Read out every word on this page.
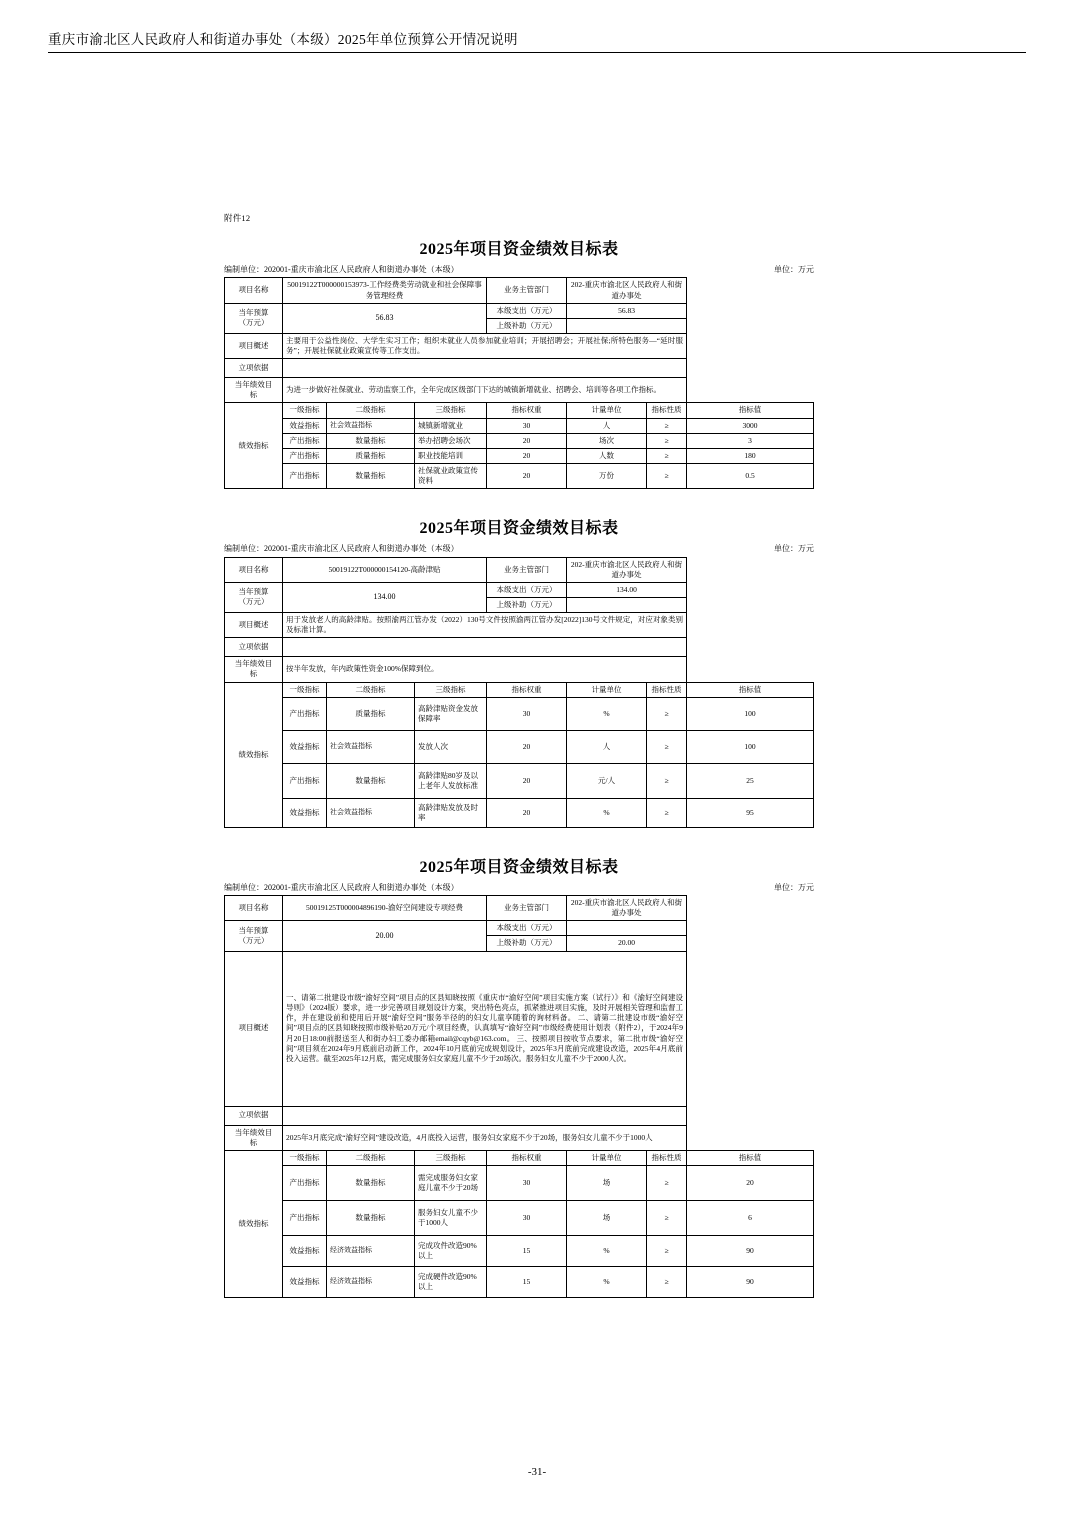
重庆市渝北区人民政府人和街道办事处（本级）2025年单位预算公开情况说明
附件12
2025年项目资金绩效目标表
编制单位：202001-重庆市渝北区人民政府人和街道办事处（本级）	单位：万元
项目名称	50019122T000000153973-工作经费类劳动就业和社会保障事务管理经费			业务主管部门	202-重庆市渝北区人民政府人和街道办事处		

当年预算
（万元）	56.83			本级支出（万元）	56.83		
				上级补助（万元）			
项目概述	主要用于公益性岗位、大学生实习工作；组织未就业人员参加就业培训；开展招聘会；开展社保;所特色服务—“延时服务”；开展社保就业政策宣传等工作支出。						
立项依据							

当年绩效目
标	为进一步做好社保就业、劳动监察工作，全年完成区级部门下达的城镇新增就业、招聘会、培训等各项工作指标。						
绩效指标	一级指标	二级指标	三级指标	指标权重	计量单位	指标性质	指标值
	效益指标	社会效益指标	城镇新增就业	30	人	≥	3000
	产出指标	数量指标	举办招聘会场次	20	场次	≥	3
	产出指标	质量指标	职业技能培训	20	人数	≥	180
	产出指标	数量指标	社保就业政策宣传资料	20	万份	≥	0.5
2025年项目资金绩效目标表
编制单位：202001-重庆市渝北区人民政府人和街道办事处（本级）	单位：万元
项目名称	50019122T000000154120-高龄津贴			业务主管部门	202-重庆市渝北区人民政府人和街道办事处		

当年预算
（万元）	134.00			本级支出（万元）	134.00		
				上级补助（万元）			
项目概述	用于发放老人的高龄津贴。按照渝两江管办发（2022）130号文件按照渝两江管办发[2022]130号文件规定，对应对象类别及标准计算。						
立项依据							

当年绩效目
标	按半年发放，年内政策性资金100%保障到位。						
绩效指标	一级指标	二级指标	三级指标	指标权重	计量单位	指标性质	指标值
	产出指标	质量指标	高龄津贴资金发放保障率	30	%	≥	100
	效益指标	社会效益指标	发放人次	20	人	≥	100
	产出指标	数量指标	高龄津贴80岁及以上老年人发放标准	20	元/人	≥	25
	效益指标	社会效益指标	高龄津贴发放及时率	20	%	≥	95
2025年项目资金绩效目标表
编制单位：202001-重庆市渝北区人民政府人和街道办事处（本级）	单位：万元
项目名称	50019125T000004896190-渝好空间建设专项经费			业务主管部门	202-重庆市渝北区人民政府人和街道办事处		

当年预算
（万元）	20.00			本级支出（万元）			
				上级补助（万元）	20.00		
项目概述	一、请第二批建设市级“渝好空间”项目点的区县知晓按照《重庆市“渝好空间”项目实施方案（试行）》和《渝好空间建设导则》（2024版）要求，进一步完善项目规划设计方案，突出特色亮点，抓紧推进项目实施，及时开展相关管理和监督工作，并在建设前和使用后开展“渝好空间”服务半径的的妇女儿童享随着的询材料备。 二、请第二批建设市级“渝好空间”项目点的区县知晓按照市级补贴20万元/个项目经费，认真填写“渝好空间”市级经费使用计划表（附件2），于2024年9月20日18:00前报送至人和街办妇工委办邮箱email@cqyb@163.com。 三、按照项目按收节点要求，第二批市级“渝好空间”项目须在2024年9月底前启动新工作，2024年10月底前完成规划设计，2025年3月底前完成建设改造，2025年4月底前投入运营。截至2025年12月底，需完成服务妇女家庭儿童不少于20场次。服务妇女儿童不少于2000人次。						
立项依据							

当年绩效目
标	2025年3月底完成“渝好空间”建设改造，4月底投入运营，服务妇女家庭不少于20场，服务妇女儿童不少于1000人						
绩效指标	一级指标	二级指标	三级指标	指标权重	计量单位	指标性质	指标值
	产出指标	数量指标	需完成服务妇女家庭儿童不少于20场	30	场	≥	20
	产出指标	数量指标	服务妇女儿童不少于1000人	30	场	≥	6
	效益指标	经济效益指标	完成攻件改造90%以上	15	%	≥	90
	效益指标	经济效益指标	完成硬件改造90%以上	15	%	≥	90
-31-
